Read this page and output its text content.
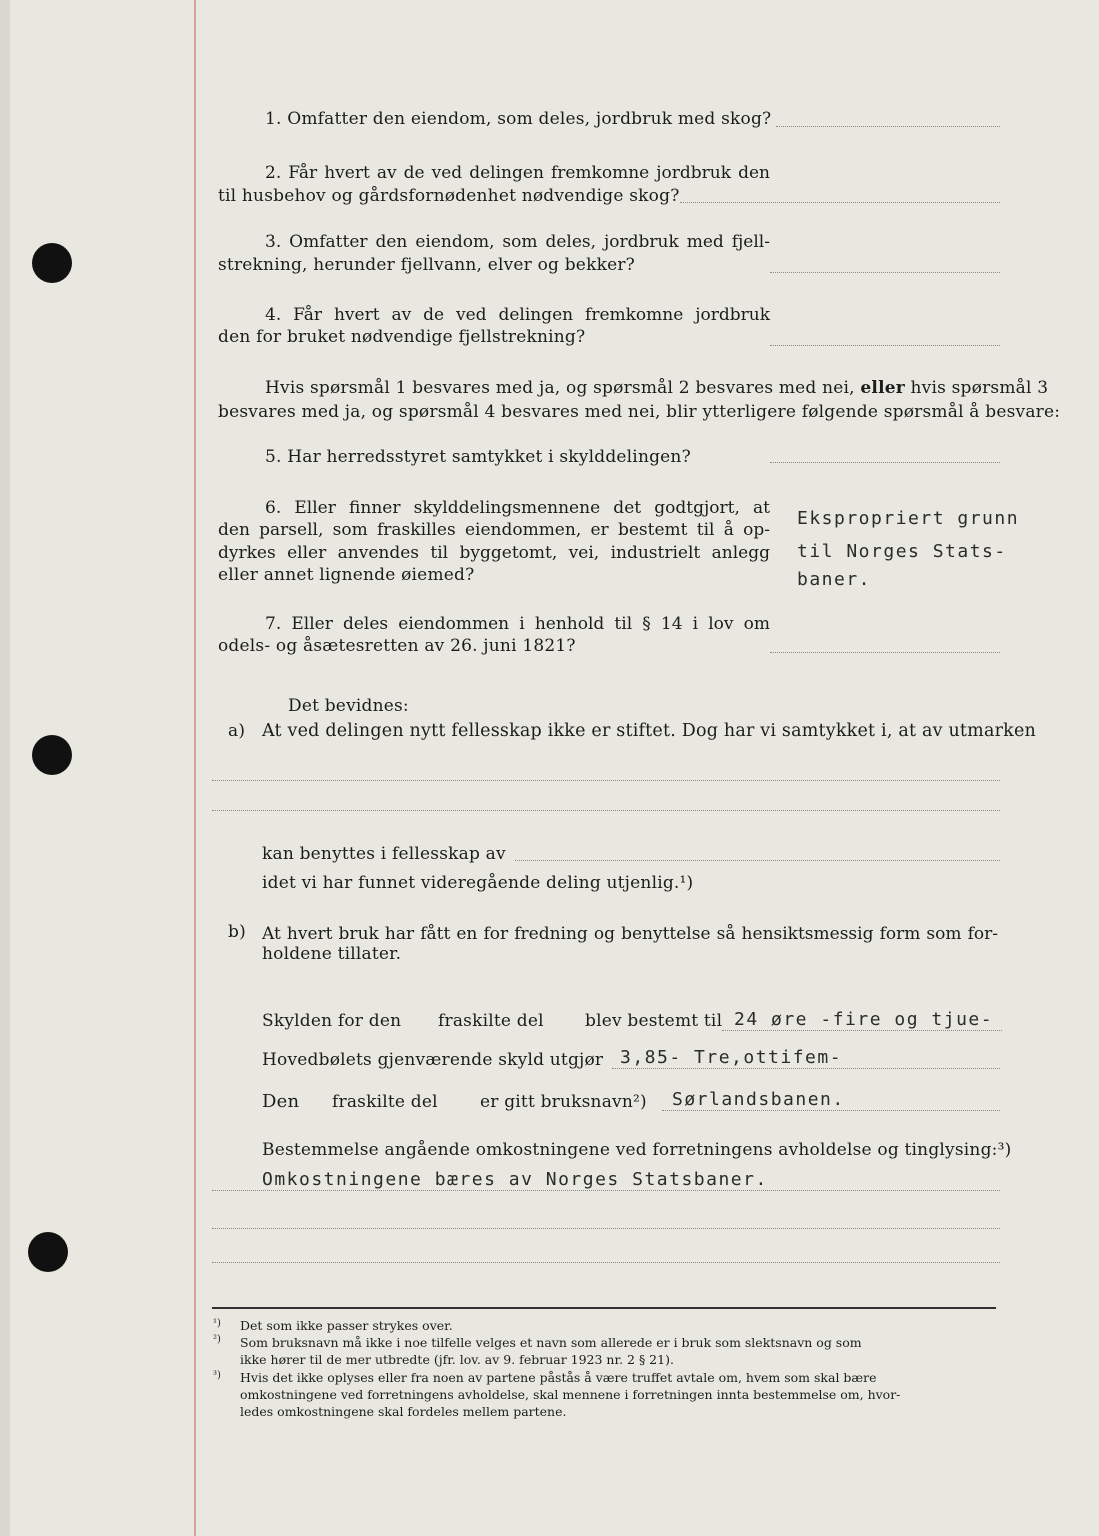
1. Omfatter den eiendom, som deles, jordbruk med skog?
2. Får hvert av de ved delingen fremkomne jordbruk den
til husbehov og gårdsfornødenhet nødvendige skog?
3. Omfatter den eiendom, som deles, jordbruk med fjell-
strekning, herunder fjellvann, elver og bekker?
4. Får hvert av de ved delingen fremkomne jordbruk
den for bruket nødvendige fjellstrekning?
Hvis spørsmål 1 besvares med ja, og spørsmål 2 besvares med nei, eller hvis spørsmål 3
besvares med ja, og spørsmål 4 besvares med nei, blir ytterligere følgende spørsmål å besvare:
5. Har herredsstyret samtykket i skylddelingen?
6. Eller finner skylddelingsmennene det godtgjort, at
den parsell, som fraskilles eiendommen, er bestemt til å op-
dyrkes eller anvendes til byggetomt, vei, industrielt anlegg
eller annet lignende øiemed?
Ekspropriert grunn
til Norges Stats-
baner.
7. Eller deles eiendommen i henhold til § 14 i lov om
odels- og åsætesretten av 26. juni 1821?
Det bevidnes:
a) At ved delingen nytt fellesskap ikke er stiftet. Dog har vi samtykket i, at av utmarken
kan benyttes i fellesskap av
idet vi har funnet videregående deling utjenlig.¹)
b) At hvert bruk har fått en for fredning og benyttelse så hensiktsmessig form som for-
holdene tillater.
Skylden for den fraskilte del blev bestemt til 24 øre -fire og tjue-
Hovedbølets gjenværende skyld utgjør 3,85- Tre,ottifem-
Den fraskilte del er gitt bruksnavn²) Sørlandsbanen.
Bestemmelse angående omkostningene ved forretningens avholdelse og tinglysing:³)
Omkostningene bæres av Norges Statsbaner.
¹) Det som ikke passer strykes over.
²) Som bruksnavn må ikke i noe tilfelle velges et navn som allerede er i bruk som slektsnavn og som
ikke hører til de mer utbredte (jfr. lov. av 9. februar 1923 nr. 2 § 21).
³) Hvis det ikke oplyses eller fra noen av partene påstås å være truffet avtale om, hvem som skal bære
omkostningene ved forretningens avholdelse, skal mennene i forretningen innta bestemmelse om, hvor-
ledes omkostningene skal fordeles mellem partene.
